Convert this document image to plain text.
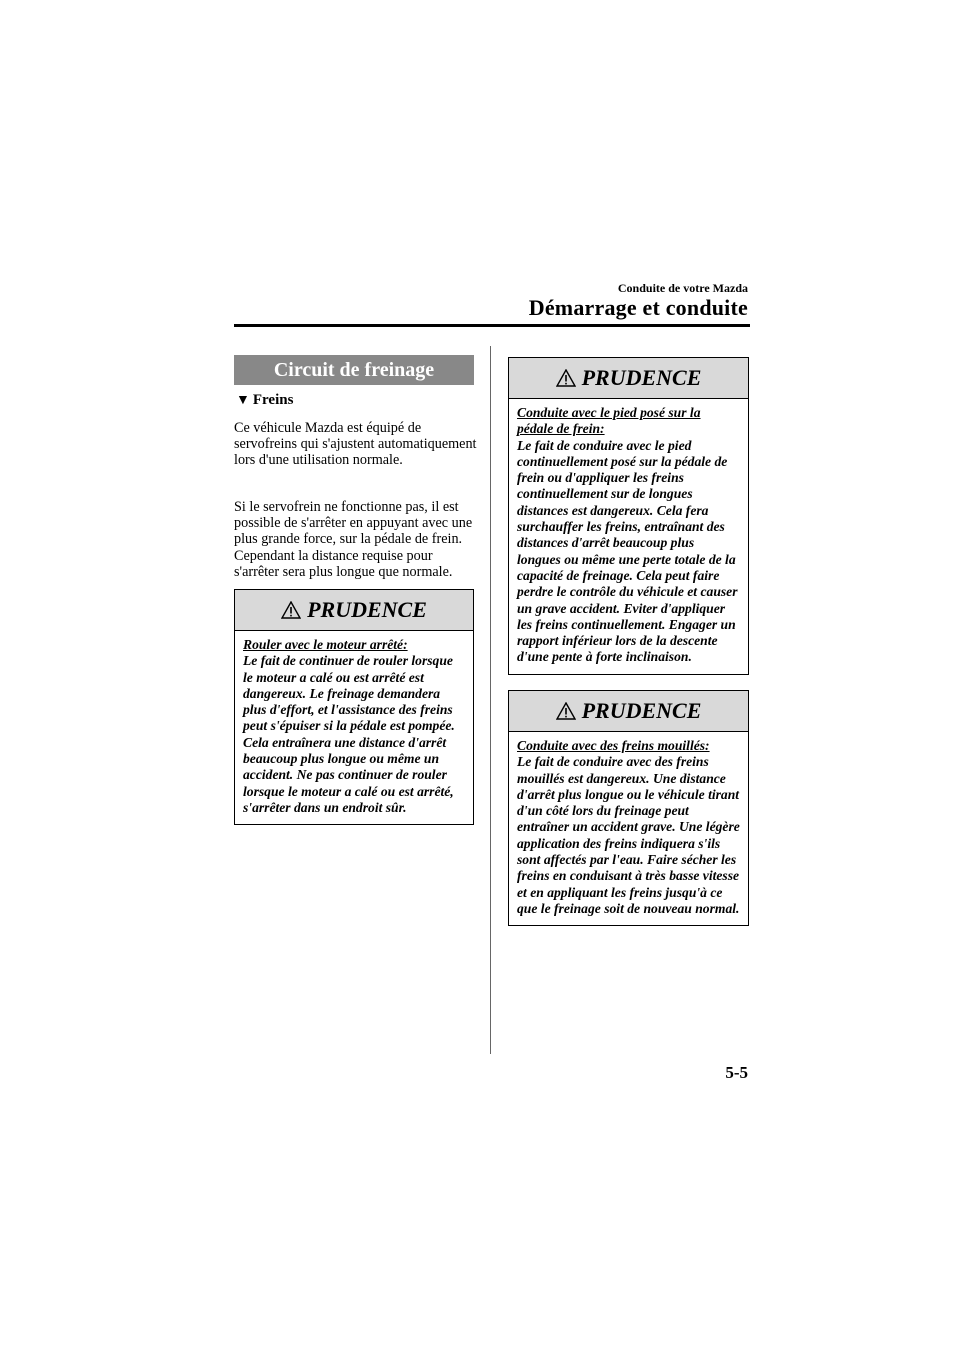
Conduite de votre Mazda
Démarrage et conduite
Circuit de freinage
▼ Freins
Ce véhicule Mazda est équipé de servofreins qui s'ajustent automatiquement lors d'une utilisation normale.
Si le servofrein ne fonctionne pas, il est possible de s'arrêter en appuyant avec une plus grande force, sur la pédale de frein. Cependant la distance requise pour s'arrêter sera plus longue que normale.
PRUDENCE
Rouler avec le moteur arrêté:
Le fait de continuer de rouler lorsque le moteur a calé ou est arrêté est dangereux. Le freinage demandera plus d'effort, et l'assistance des freins peut s'épuiser si la pédale est pompée. Cela entraînera une distance d'arrêt beaucoup plus longue ou même un accident. Ne pas continuer de rouler lorsque le moteur a calé ou est arrêté, s'arrêter dans un endroit sûr.
PRUDENCE
Conduite avec le pied posé sur la pédale de frein:
Le fait de conduire avec le pied continuellement posé sur la pédale de frein ou d'appliquer les freins continuellement sur de longues distances est dangereux. Cela fera surchauffer les freins, entraînant des distances d'arrêt beaucoup plus longues ou même une perte totale de la capacité de freinage. Cela peut faire perdre le contrôle du véhicule et causer un grave accident. Eviter d'appliquer les freins continuellement. Engager un rapport inférieur lors de la descente d'une pente à forte inclinaison.
PRUDENCE
Conduite avec des freins mouillés:
Le fait de conduire avec des freins mouillés est dangereux. Une distance d'arrêt plus longue ou le véhicule tirant d'un côté lors du freinage peut entraîner un accident grave. Une légère application des freins indiquera s'ils sont affectés par l'eau. Faire sécher les freins en conduisant à très basse vitesse et en appliquant les freins jusqu'à ce que le freinage soit de nouveau normal.
5-5
